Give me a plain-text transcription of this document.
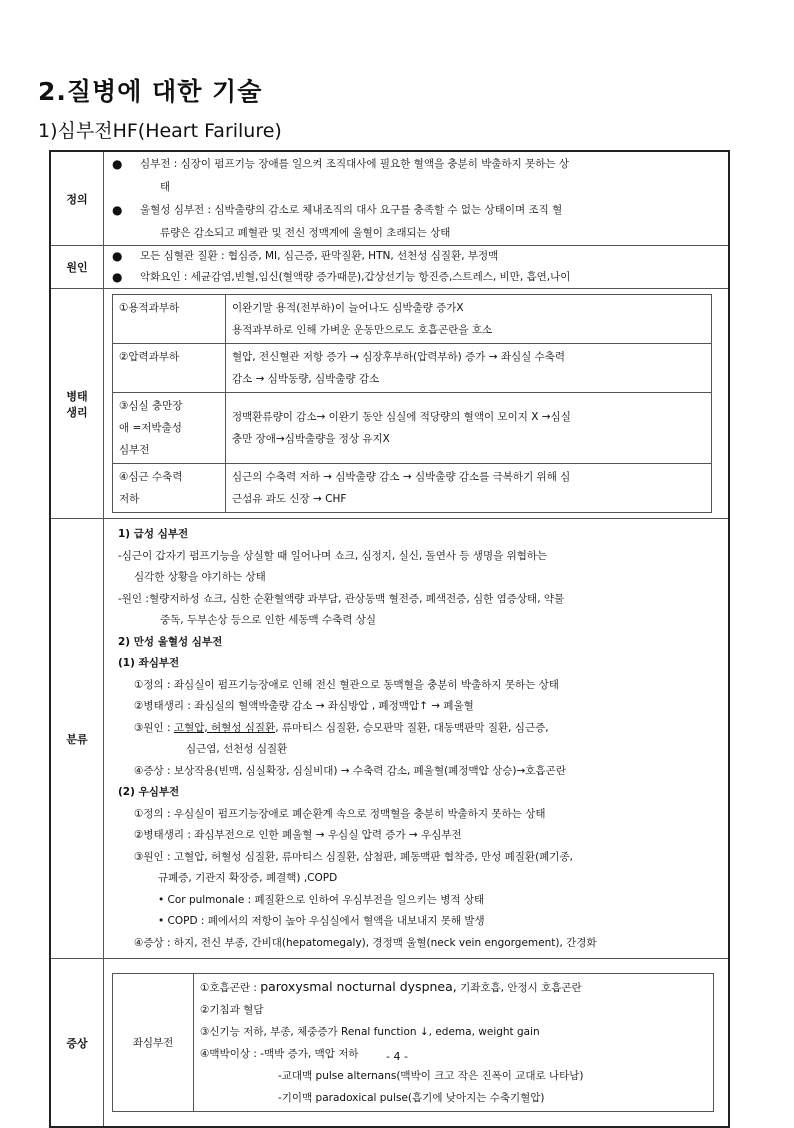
2.질병에 대한 기술
1)심부전HF(Heart Farilure)
정의	
● 심부전 : 심장이 펌프기능 장애를 일으켜 조직대사에 필요한 혈액을 충분히 박출하지 못하는 상
태
● 울혈성 심부전 : 심박출량의 감소로 체내조직의 대사 요구를 충족할 수 없는 상태이며 조직 혈
류량은 감소되고 폐혈관 및 전신 정맥계에 울혈이 초래되는 상태

원인	
● 모든 심혈관 질환 : 협심증, MI, 심근증, 판막질환, HTN, 선천성 심질환, 부정맥
● 악화요인 : 세균감염,빈혈,임신(혈액량 증가때문),갑상선기능 항진증,스트레스, 비만, 흡연,나이

병태
생리

①용적과부하	이완기말 용적(전부하)이 늘어나도 심박출량 증가X
용적과부하로 인해 가벼운 운동만으로도 호흡곤란을 호소

②압력과부하	혈압, 전신혈관 저항 증가 → 심장후부하(압력부하) 증가 → 좌심실 수축력
감소 → 심박동량, 심박출량 감소

③심실 충만장
애 =저박출성
심부전

정맥환류량이 감소→ 이완기 동안 심실에 적당량의 혈액이 모이지 X →심실
충만 장애→심박출량을 정상 유지X

④심근 수축력
저하

심근의 수축력 저하 → 심박출량 감소 → 심박출량 감소를 극복하기 위해 심
근섬유 과도 신장 → CHF

분류	
1) 급성 심부전
-심근이 갑자기 펌프기능을 상실할 때 일어나며 쇼크, 심정지, 실신, 돌연사 등 생명을 위협하는
심각한 상황을 야기하는 상태
-원인 :혈량저하성 쇼크, 심한 순환혈액량 과부담, 관상동맥 혈전증, 폐색전증, 심한 염증상태, 약물
중독, 두부손상 등으로 인한 세동맥 수축력 상실
2) 만성 울혈성 심부전
(1) 좌심부전
①정의 : 좌심실이 펌프기능장애로 인해 전신 혈관으로 동맥혈을 충분히 박출하지 못하는 상태
②병태생리 : 좌심실의 혈액박출량 감소 → 좌심방압 , 폐정맥압↑ → 폐울혈
③원인 : 고혈압, 허혈성 심질환, 류마티스 심질환, 승모판막 질환, 대동맥판막 질환, 심근증,
심근염, 선천성 심질환
④증상 : 보상작용(빈맥, 심실확장, 심실비대) → 수축력 감소, 폐울혈(폐정맥압 상승)→호흡곤란
(2) 우심부전
①정의 : 우심실이 펌프기능장애로 폐순환계 속으로 정맥혈을 충분히 박출하지 못하는 상태
②병태생리 : 좌심부전으로 인한 폐울혈 → 우심실 압력 증가 → 우심부전
③원인 : 고혈압, 허혈성 심질환, 류마티스 심질환, 삼첨판, 폐동맥판 협착증, 만성 폐질환(폐기종,
규폐증, 기관지 확장증, 폐결핵) ,COPD
• Cor pulmonale : 폐질환으로 인하여 우심부전을 일으키는 병적 상태
• COPD : 폐에서의 저항이 높아 우심실에서 혈액을 내보내지 못해 발생
④증상 : 하지, 전신 부종, 간비대(hepatomegaly), 경정맥 울혈(neck vein engorgement), 간경화

증상		좌심부전	
①호흡곤란 : paroxysmal nocturnal dyspnea, 기좌호흡, 안정시 호흡곤란
②기침과 혈담
③신기능 저하, 부종, 체중증가 Renal function ↓, edema, weight gain
④맥박이상 : -맥박 증가, 맥압 저하
-교대맥 pulse alternans(맥박이 크고 작은 진폭이 교대로 나타남)
-기이맥 paradoxical pulse(흡기에 낮아지는 수축기혈압)
- 4 -
